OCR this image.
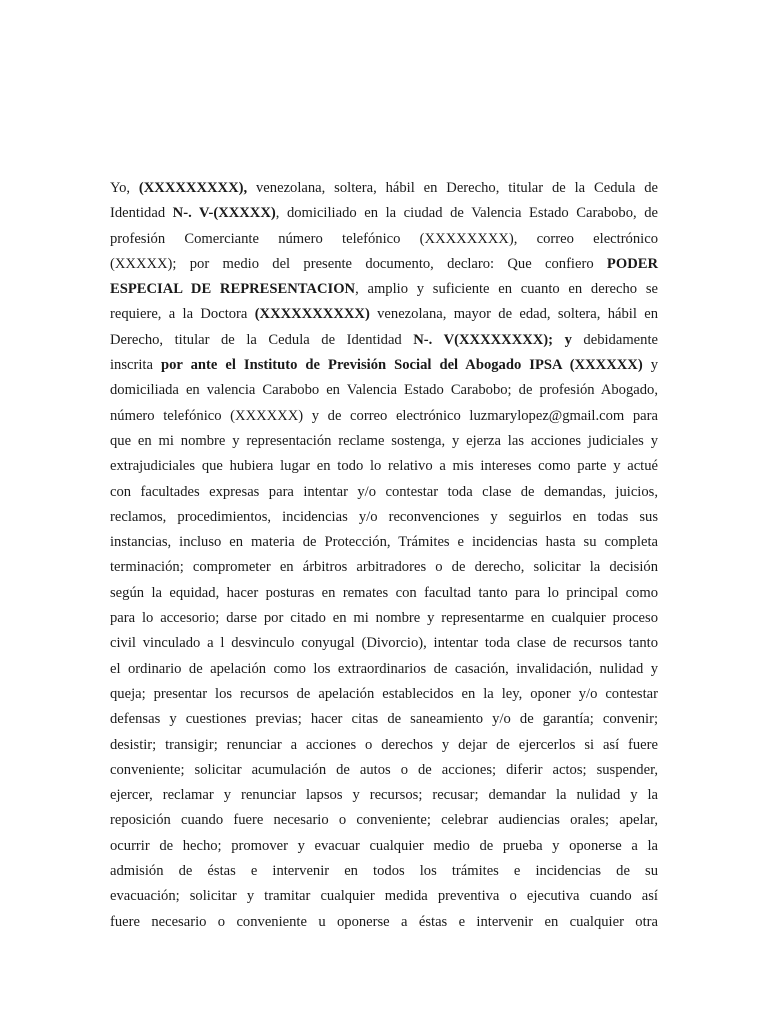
Yo, (XXXXXXXXX), venezolana, soltera, hábil en Derecho, titular de la Cedula de
Identidad N-. V-(XXXXX), domiciliado en la ciudad de Valencia Estado Carabobo, de
profesión Comerciante número telefónico (XXXXXXXX), correo electrónico
(XXXXX); por medio del presente documento, declaro: Que confiero PODER
ESPECIAL DE REPRESENTACION, amplio y suficiente en cuanto en derecho se
requiere, a la Doctora (XXXXXXXXXX) venezolana, mayor de edad, soltera, hábil en
Derecho, titular de la Cedula de Identidad N-. V(XXXXXXXX); y debidamente
inscrita por ante el Instituto de Previsión Social del Abogado IPSA (XXXXXX) y
domiciliada en valencia Carabobo en Valencia Estado Carabobo; de profesión Abogado,
número telefónico (XXXXXX) y de correo electrónico luzmarylopez@gmail.com para
que en mi nombre y representación reclame sostenga, y ejerza las acciones judiciales y
extrajudiciales que hubiera lugar en todo lo relativo a mis intereses como parte y actué
con facultades expresas para intentar y/o contestar toda clase de demandas, juicios,
reclamos, procedimientos, incidencias y/o reconvenciones y seguirlos en todas sus
instancias, incluso en materia de Protección, Trámites e incidencias hasta su completa
terminación; comprometer en árbitros arbitradores o de derecho, solicitar la decisión
según la equidad, hacer posturas en remates con facultad tanto para lo principal como
para lo accesorio; darse por citado en mi nombre y representarme en cualquier proceso
civil vinculado a l desvinculo conyugal (Divorcio), intentar toda clase de recursos tanto
el ordinario de apelación como los extraordinarios de casación, invalidación, nulidad y
queja; presentar los recursos de apelación establecidos en la ley, oponer y/o contestar
defensas y cuestiones previas; hacer citas de saneamiento y/o de garantía; convenir;
desistir; transigir; renunciar a acciones o derechos y dejar de ejercerlos si así fuere
conveniente; solicitar acumulación de autos o de acciones; diferir actos; suspender,
ejercer, reclamar y renunciar lapsos y recursos; recusar; demandar la nulidad y la
reposición cuando fuere necesario o conveniente; celebrar audiencias orales; apelar,
ocurrir de hecho; promover y evacuar cualquier medio de prueba y oponerse a la
admisión de éstas e intervenir en todos los trámites e incidencias de su
evacuación; solicitar y tramitar cualquier medida preventiva o ejecutiva cuando así
fuere necesario o conveniente u oponerse a éstas e intervenir en cualquier otra
